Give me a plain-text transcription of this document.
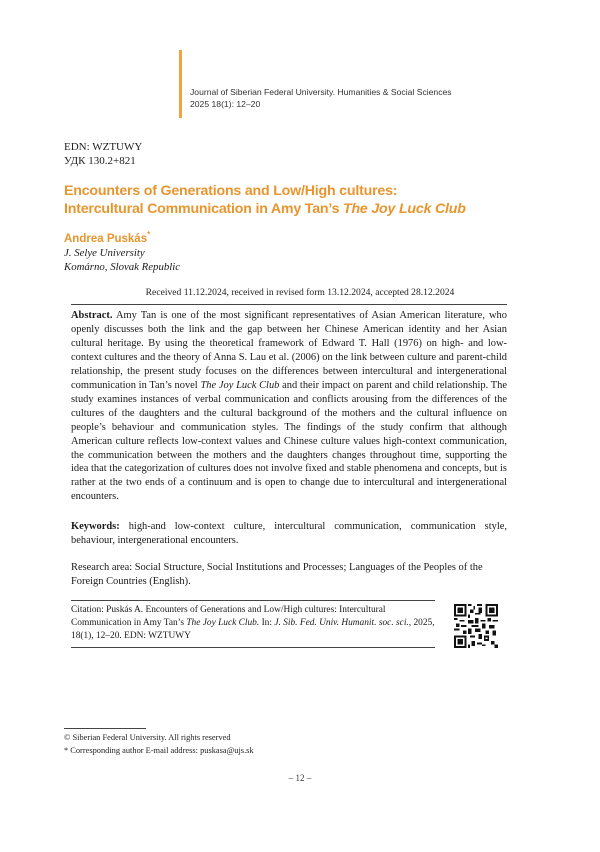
Journal of Siberian Federal University. Humanities & Social Sciences
2025 18(1): 12–20
EDN: WZTUWY
УДК 130.2+821
Encounters of Generations and Low/High cultures:
Intercultural Communication in Amy Tan’s The Joy Luck Club
Andrea Puskás*
J. Selye University
Komárno, Slovak Republic
Received 11.12.2024, received in revised form 13.12.2024, accepted 28.12.2024
Abstract. Amy Tan is one of the most significant representatives of Asian American literature, who openly discusses both the link and the gap between her Chinese American identity and her Asian cultural heritage. By using the theoretical framework of Edward T. Hall (1976) on high- and low-context cultures and the theory of Anna S. Lau et al. (2006) on the link between culture and parent-child relationship, the present study focuses on the differences between intercultural and intergenerational communication in Tan’s novel The Joy Luck Club and their impact on parent and child relationship. The study examines instances of verbal communication and conflicts arousing from the differences of the cultures of the daughters and the cultural background of the mothers and the cultural influence on people’s behaviour and communication styles. The findings of the study confirm that although American culture reflects low-context values and Chinese culture values high-context communication, the communication between the mothers and the daughters changes throughout time, supporting the idea that the categorization of cultures does not involve fixed and stable phenomena and concepts, but is rather at the two ends of a continuum and is open to change due to intercultural and intergenerational encounters.
Keywords: high-and low-context culture, intercultural communication, communication style, behaviour, intergenerational encounters.
Research area: Social Structure, Social Institutions and Processes; Languages of the Peoples of the Foreign Countries (English).
Citation: Puskás A. Encounters of Generations and Low/High cultures: Intercultural Communication in Amy Tan’s The Joy Luck Club. In: J. Sib. Fed. Univ. Humanit. soc. sci., 2025, 18(1), 12–20. EDN: WZTUWY
© Siberian Federal University. All rights reserved
* Corresponding author E-mail address: puskasa@ujs.sk
– 12 –
